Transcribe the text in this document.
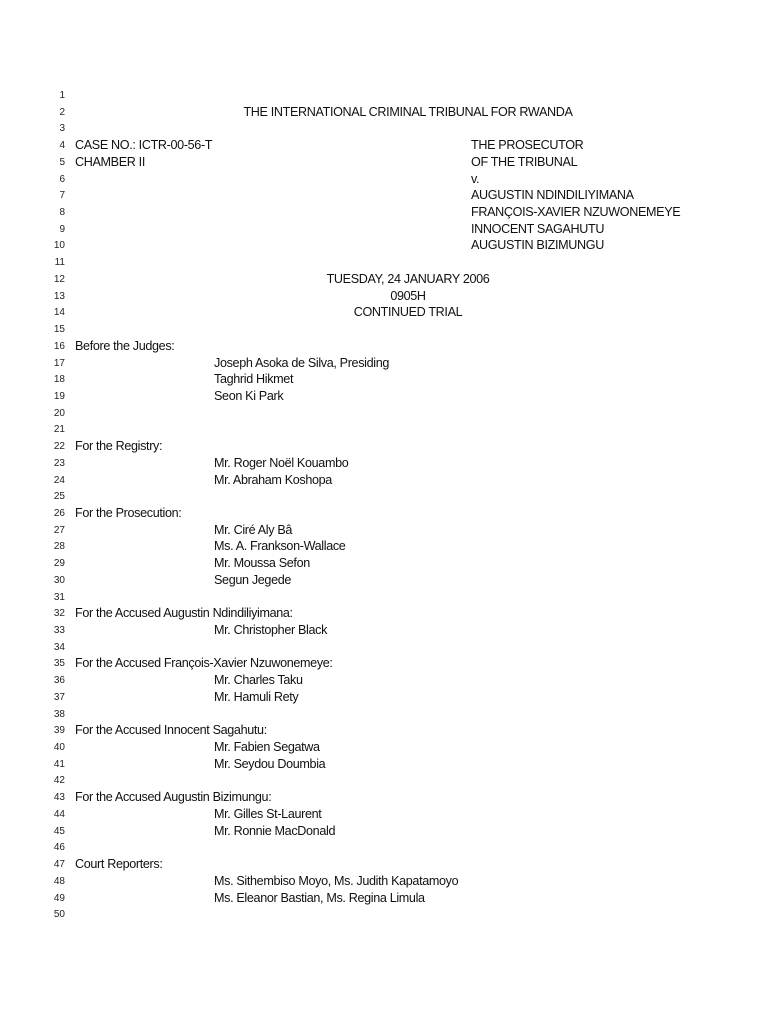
1
2	THE INTERNATIONAL CRIMINAL TRIBUNAL FOR RWANDA
3
4 CASE NO.: ICTR-00-56-T	THE PROSECUTOR
5 CHAMBER II	OF THE TRIBUNAL
6	v.
7	AUGUSTIN NDINDILIYIMANA
8	FRANÇOIS-XAVIER NZUWONEMEYE
9	INNOCENT SAGAHUTU
10	AUGUSTIN BIZIMUNGU
11
12	TUESDAY, 24 JANUARY 2006
13	0905H
14	CONTINUED TRIAL
15
16 Before the Judges:
17	Joseph Asoka de Silva, Presiding
18	Taghrid Hikmet
19	Seon Ki Park
20
21
22 For the Registry:
23	Mr. Roger Noël Kouambo
24	Mr. Abraham Koshopa
25
26 For the Prosecution:
27	Mr. Ciré Aly Bâ
28	Ms. A. Frankson-Wallace
29	Mr. Moussa Sefon
30	Segun Jegede
31
32 For the Accused Augustin Ndindiliyimana:
33	Mr. Christopher Black
34
35 For the Accused François-Xavier Nzuwonemeye:
36	Mr. Charles Taku
37	Mr. Hamuli Rety
38
39 For the Accused Innocent Sagahutu:
40	Mr. Fabien Segatwa
41	Mr. Seydou Doumbia
42
43 For the Accused Augustin Bizimungu:
44	Mr. Gilles St-Laurent
45	Mr. Ronnie MacDonald
46
47 Court Reporters:
48	Ms. Sithembiso Moyo, Ms. Judith Kapatamoyo
49	Ms. Eleanor Bastian, Ms. Regina Limula
50
